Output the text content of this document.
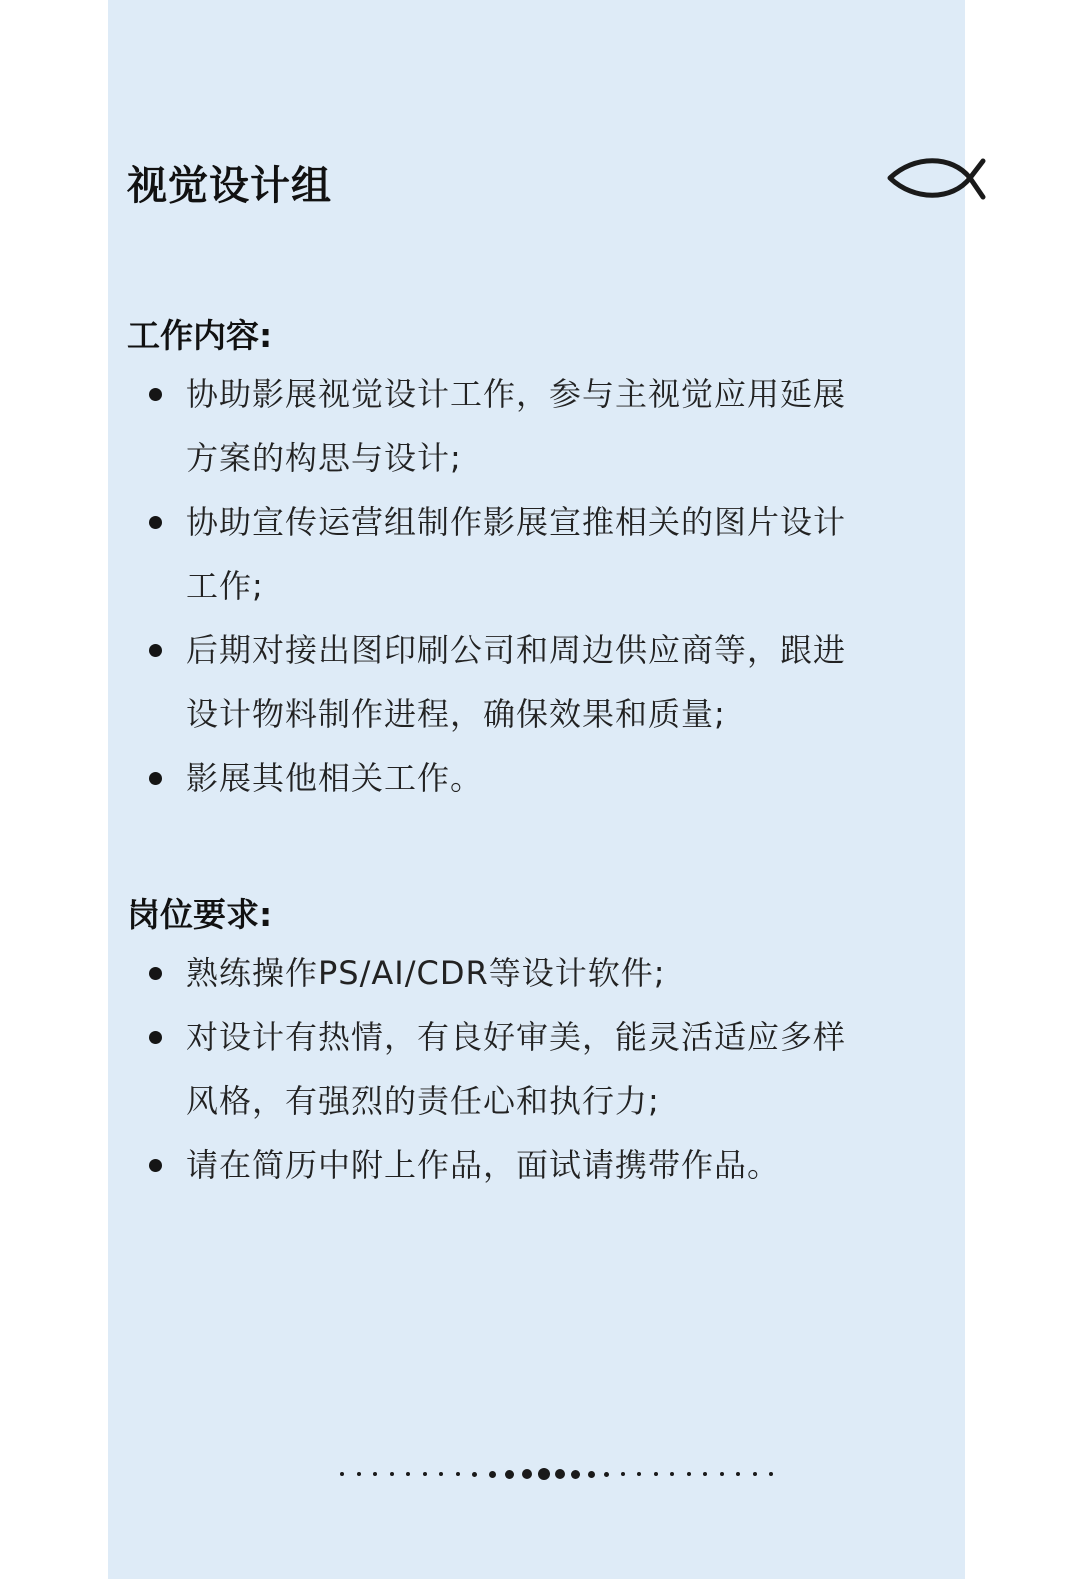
视觉设计组
工作内容:
协助影展视觉设计工作，参与主视觉应用延展
方案的构思与设计;
协助宣传运营组制作影展宣推相关的图片设计
工作;
后期对接出图印刷公司和周边供应商等，跟进
设计物料制作进程，确保效果和质量;
影展其他相关工作。
岗位要求:
熟练操作PS/AI/CDR等设计软件;
对设计有热情，有良好审美，能灵活适应多样
风格，有强烈的责任心和执行力;
请在简历中附上作品，面试请携带作品。
